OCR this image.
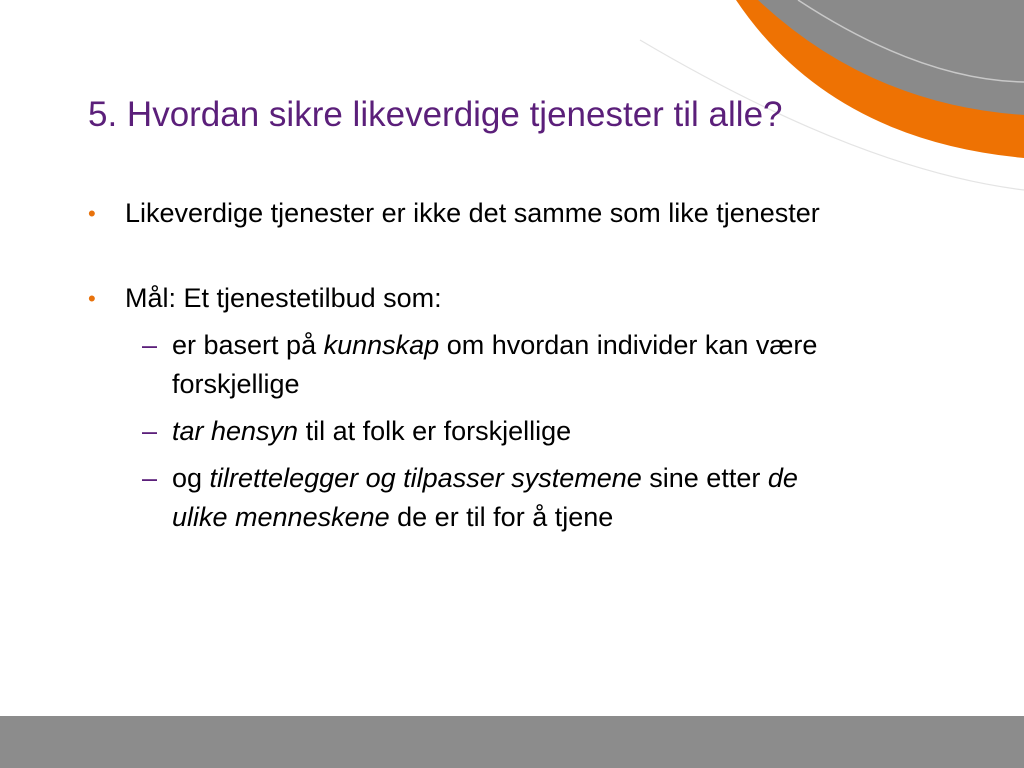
5. Hvordan sikre likeverdige tjenester til alle?
• Likeverdige tjenester er ikke det samme som like tjenester
• Mål: Et tjenestetilbud som:
– er basert på kunnskap om hvordan individer kan være forskjellige
– tar hensyn til at folk er forskjellige
– og tilrettelegger og tilpasser systemene sine etter de ulike menneskene de er til for å tjene
